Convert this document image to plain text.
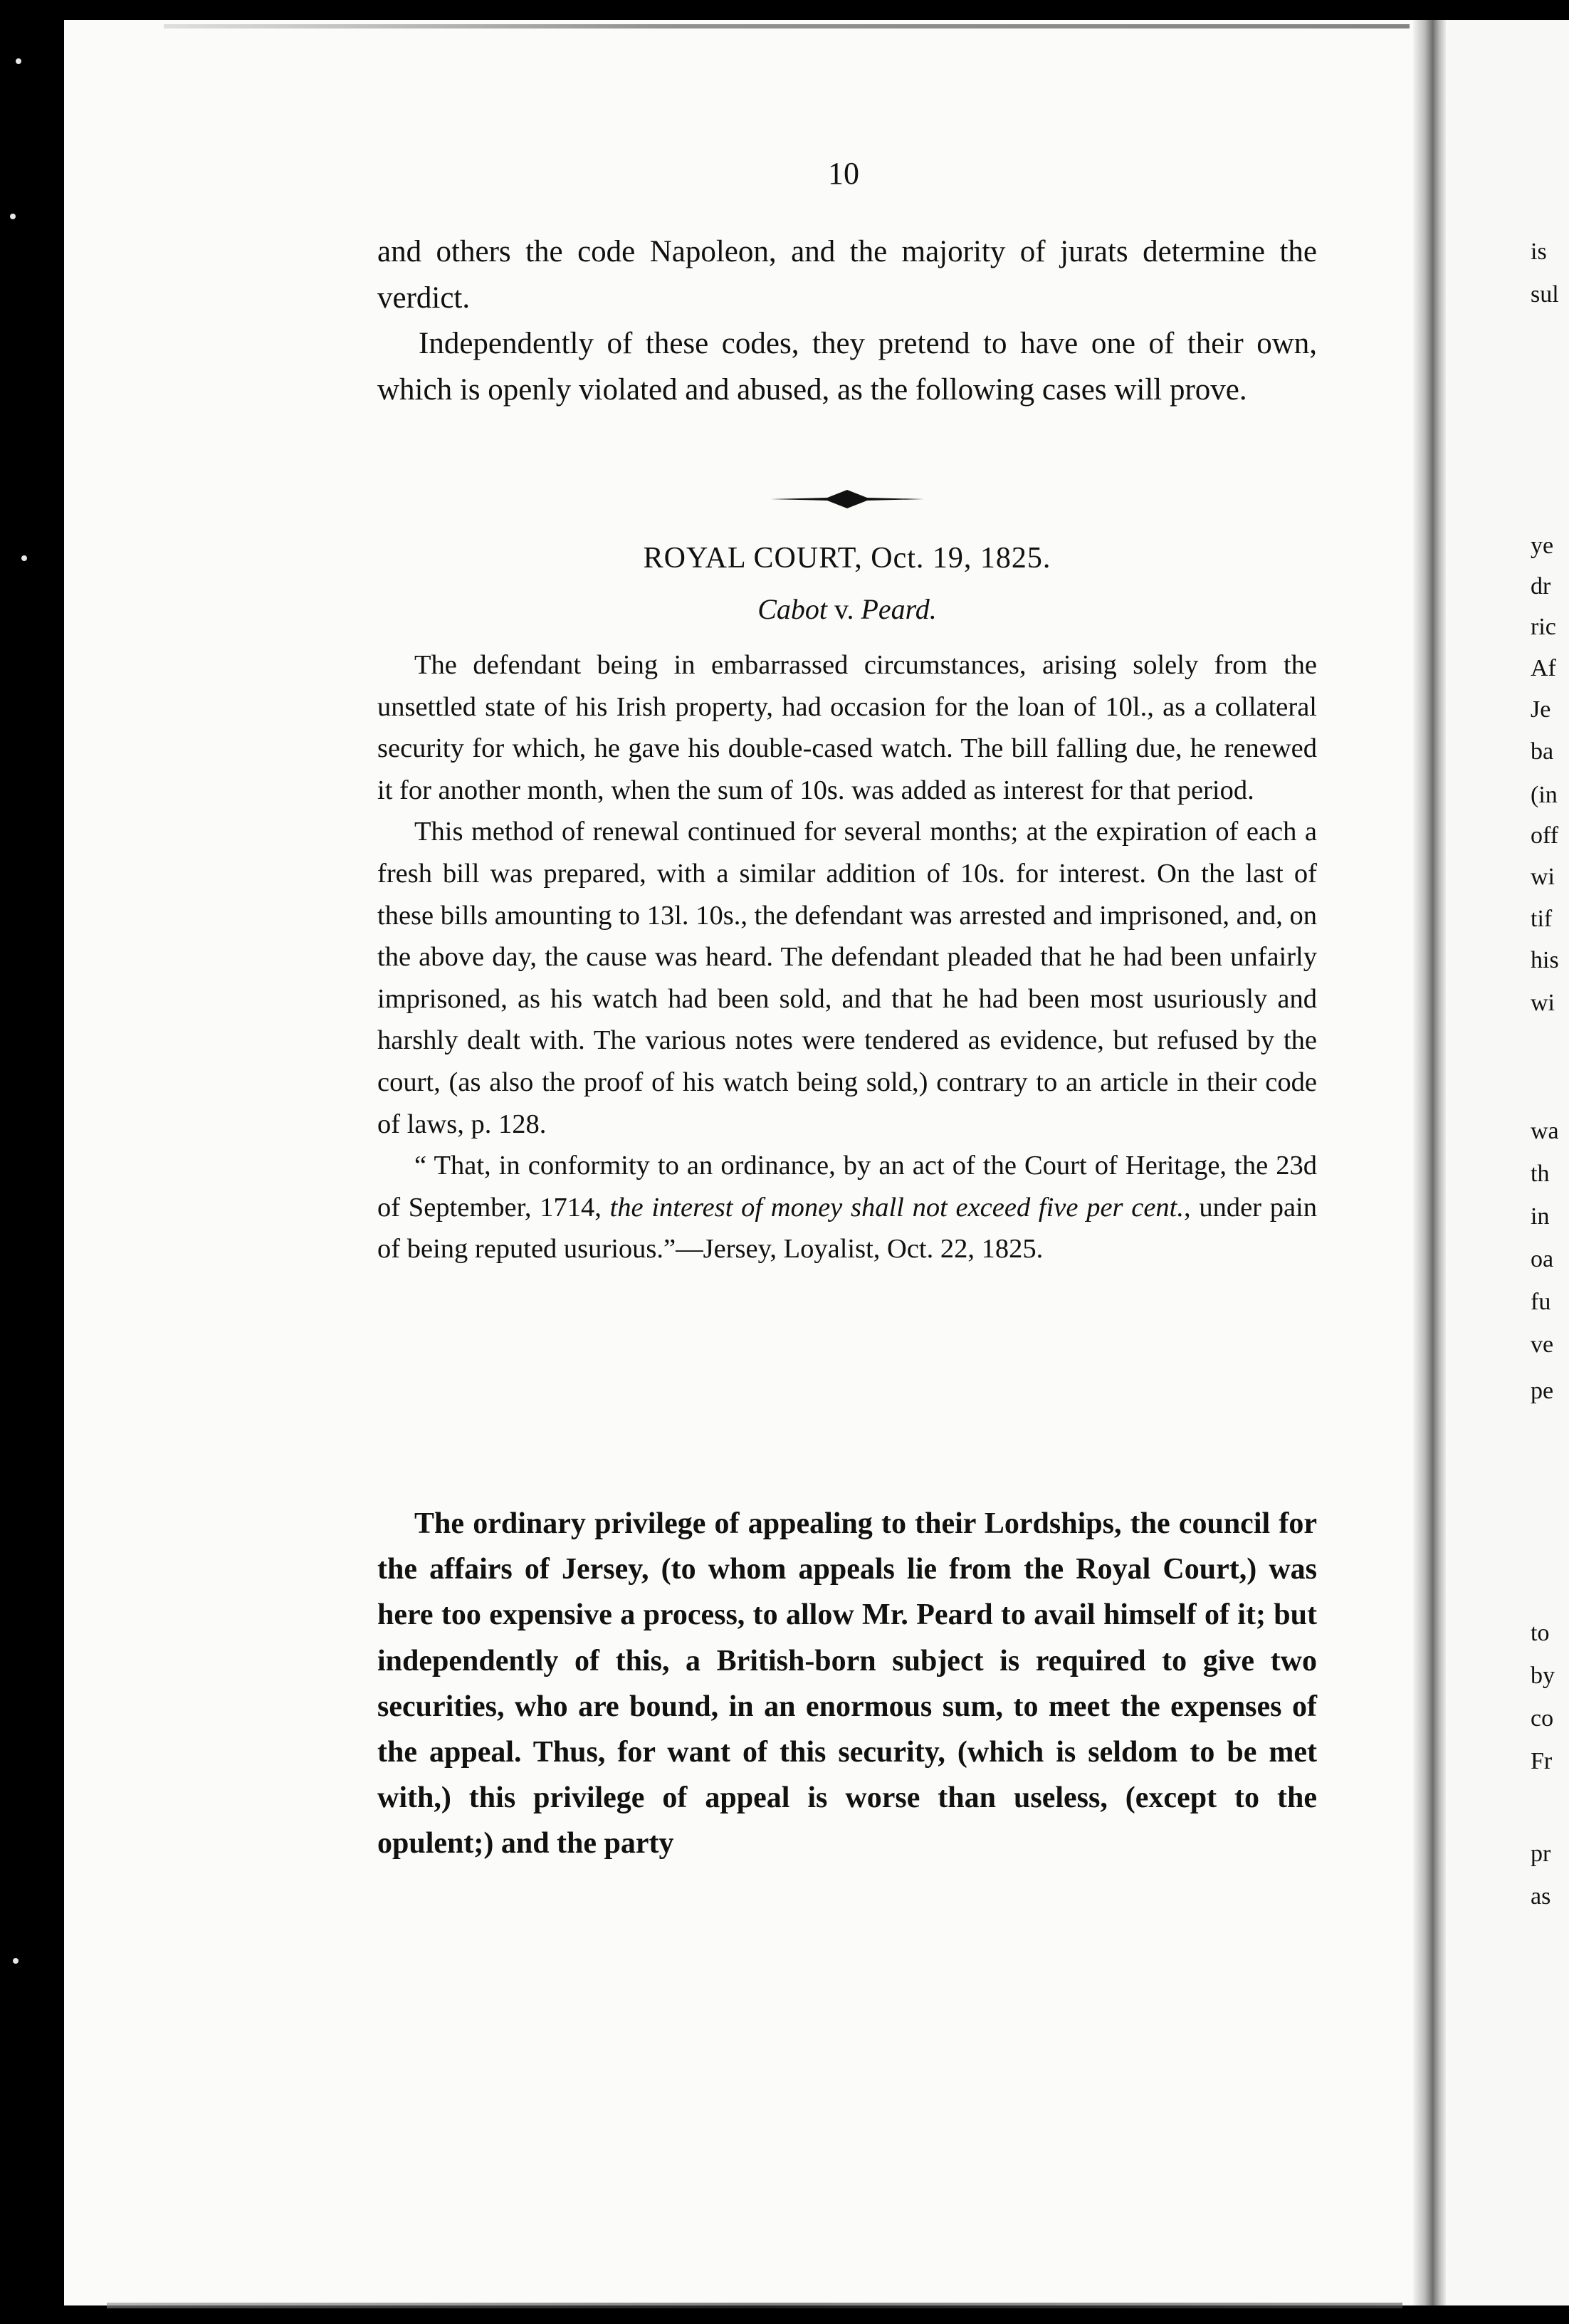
10

and others the code Napoleon, and the majority of jurats determine the verdict.

Independently of these codes, they pretend to have one of their own, which is openly violated and abused, as the following cases will prove.

ROYAL COURT, Oct. 19, 1825.
Cabot v. Peard.

The defendant being in embarrassed circumstances, arising solely from the unsettled state of his Irish property, had occasion for the loan of 10l., as a collateral security for which, he gave his double-cased watch. The bill falling due, he renewed it for another month, when the sum of 10s. was added as interest for that period.

This method of renewal continued for several months; at the expiration of each a fresh bill was prepared, with a similar addition of 10s. for interest. On the last of these bills amounting to 13l. 10s., the defendant was arrested and imprisoned, and, on the above day, the cause was heard. The defendant pleaded that he had been unfairly imprisoned, as his watch had been sold, and that he had been most usuriously and harshly dealt with. The various notes were tendered as evidence, but refused by the court, (as also the proof of his watch being sold,) contrary to an article in their code of laws, p. 128.

“ That, in conformity to an ordinance, by an act of the Court of Heritage, the 23d of September, 1714, the interest of money shall not exceed five per cent., under pain of being reputed usurious.”—Jersey, Loyalist, Oct. 22, 1825.

The ordinary privilege of appealing to their Lordships, the council for the affairs of Jersey, (to whom appeals lie from the Royal Court,) was here too expensive a process, to allow Mr. Peard to avail himself of it; but independently of this, a British-born subject is required to give two securities, who are bound, in an enormous sum, to meet the expenses of the appeal. Thus, for want of this security, (which is seldom to be met with,) this privilege of appeal is worse than useless, (except to the opulent;) and the party

is
sul
ye
dr
ric
Af
Je
ba
(in
off
wi
tif
his
wi
wa
th
in
oa
fu
ve
pe
to
by
co
Fr
pr
as
